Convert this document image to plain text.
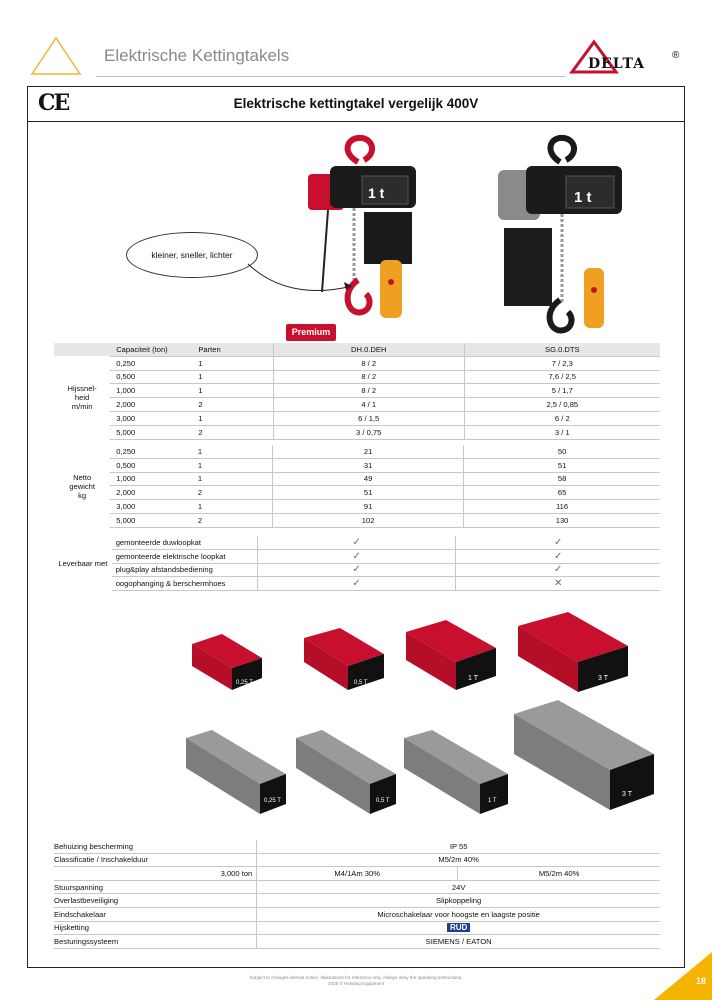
Elektrische Kettingtakels	DELTA
®
CE	Elektrische kettingtakel vergelijk 400V
1 t	1 t
kleiner, sneller, lichter
Premium
	Capaciteit (ton)	Parten	DH.0.DEH	SG.0.DTS
Hijssnel-
heid
m/min	0,250	1	8 / 2	7 / 2,3
	0,500	1	8 / 2	7,6 / 2,5
	1,000	1	8 / 2	5 / 1,7
	2,000	2	4 / 1	2,5 / 0,85
	3,000	1	6 / 1,5	6 / 2
	5,000	2	3 / 0,75	3 / 1
Netto
gewicht
kg	0,250	1	21	50
	0,500	1	31	51
	1,000	1	49	58
	2,000	2	51	65
	3,000	1	91	116
	5,000	2	102	130
Leverbaar met	gemonteerde duwloopkat	✓	✓
	gemonteerde elektrische loopkat	✓	✓
	plug&play afstandsbediening	✓	✓
	oogophanging & berschermhoes	✓	✕
0,25 T	0,5 T
1 T	3 T
0,25 T	0,5 T	1 T
3 T
Behuizing bescherming	IP 55	
Classificatie / Inschakelduur	M5/2m 40%	
3,000 ton	M4/1Am 30%	M5/2m 40%
Stuurspanning	24V	
Overlastbeveiliging	Slipkoppeling	
Eindschakelaar	Microschakelaar voor hoogste en laagste positie	
Hijsketting	RUD	
Besturingssysteem	SIEMENS / EATON	
Subject to changes without notice. Illustrations for reference only. Always obey the operating instructions.
2025 © Hoisting Equipment	18
